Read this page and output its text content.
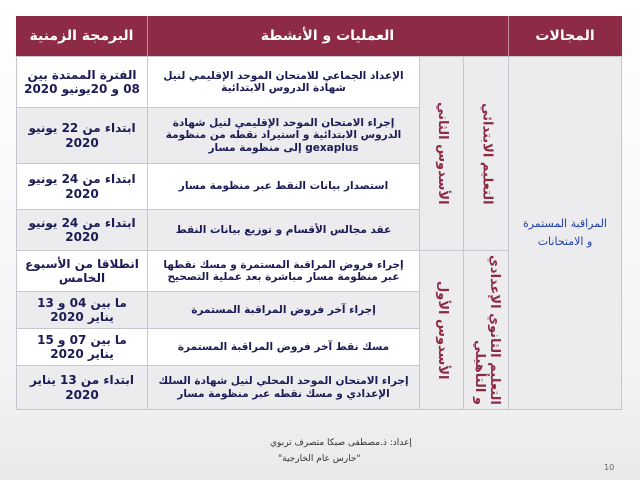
البرمجة الزمنية	العمليات و الأنشطة	المجالات
الفترة الممتدة بين 08 و 20يونيو 2020
الإعداد الجماعي للامتحان الموحد الإقليمي لنيل شهادة الدروس الابتدائية
ابتداء من 22 يونيو 2020
إجراء الامتحان الموحد الإقليمي لنيل شهادة الدروس الابتدائية و استيراد نقطه من منظومة gexaplus إلى منظومة مسار
ابتداء من 24 يونيو 2020
استصدار بيانات النقط عبر منظومة مسار
ابتداء من 24 يونيو 2020
عقد مجالس الأقسام و توزيع بيانات النقط
انطلاقا من الأسبوع الخامس
إجراء فروض المراقبة المستمرة و مسك نقطها عبر منظومة مسار مباشرة بعد عملية التصحيح
ما بين 04 و 13 يناير 2020
إجراء آخر فروض المراقبة المستمرة
ما بين 07 و 15 يناير 2020
مسك نقط آخر فروض المراقبة المستمرة
ابتداء من 13 يناير 2020
إجراء الامتحان الموحد المحلي لنيل شهادة السلك الإعدادي و مسك نقطه عبر منظومة مسار
الأسدوس الثاني
الأسدوس الأول
التعليم الابتدائي
التعليم الثانوي الإعدادي و التأهيلي
المراقبة المستمرة
و الامتحانات
إعداد: ذ.مصطفى صبكا متصرف تربوي
"حارس عام الخارجية"
10
